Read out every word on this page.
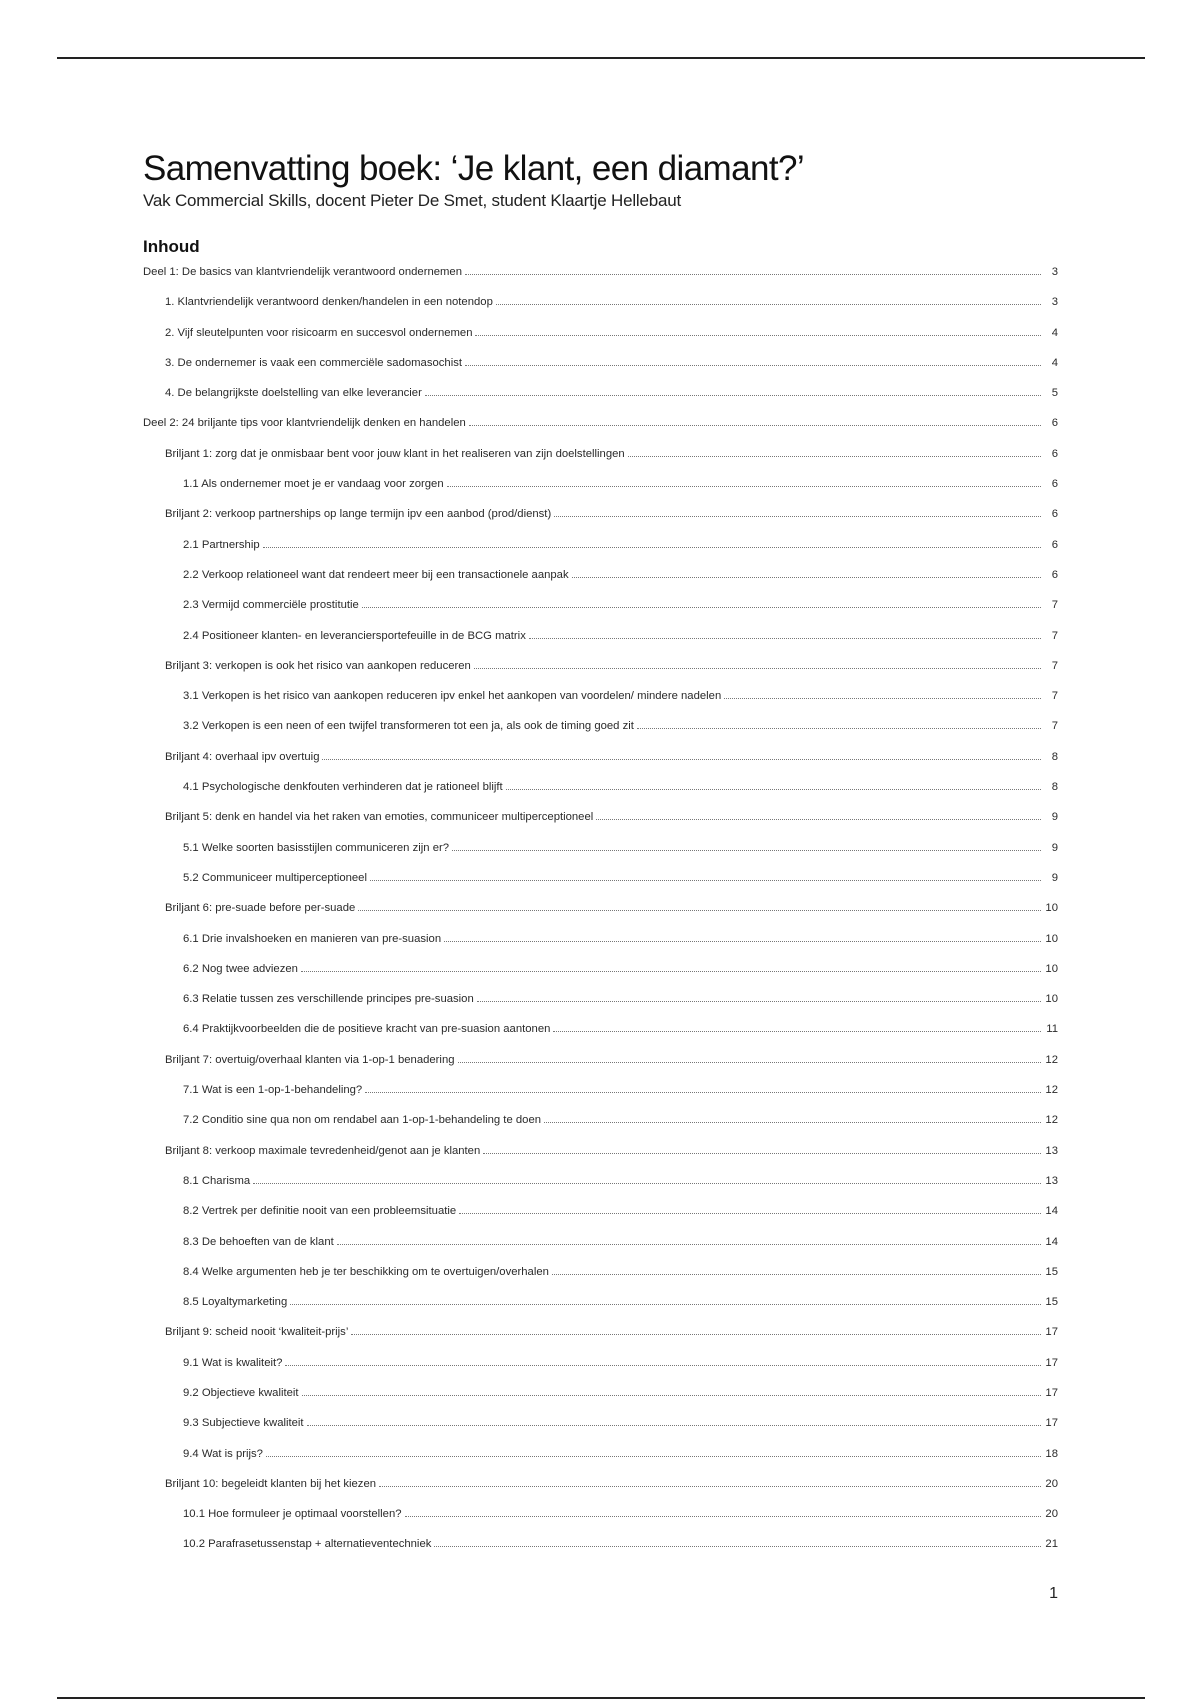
Samenvatting boek: ‘Je klant, een diamant?’

Vak Commercial Skills, docent Pieter De Smet, student Klaartje Hellebaut

Inhoud
Deel 1: De basics van klantvriendelijk verantwoord ondernemen	3
1. Klantvriendelijk verantwoord denken/handelen in een notendop	3
2. Vijf sleutelpunten voor risicoarm en succesvol ondernemen	4
3. De ondernemer is vaak een commerciële sadomasochist	4
4. De belangrijkste doelstelling van elke leverancier	5
Deel 2: 24 briljante tips voor klantvriendelijk denken en handelen	6
Briljant 1: zorg dat je onmisbaar bent voor jouw klant in het realiseren van zijn doelstellingen	6
1.1 Als ondernemer moet je er vandaag voor zorgen	6
Briljant 2: verkoop partnerships op lange termijn ipv een aanbod (prod/dienst)	6
2.1 Partnership	6
2.2 Verkoop relationeel want dat rendeert meer bij een transactionele aanpak	6
2.3 Vermijd commerciële prostitutie	7
2.4 Positioneer klanten- en leveranciersportefeuille in de BCG matrix	7
Briljant 3: verkopen is ook het risico van aankopen reduceren	7
3.1 Verkopen is het risico van aankopen reduceren ipv enkel het aankopen van voordelen/ mindere nadelen	7
3.2 Verkopen is een neen of een twijfel transformeren tot een ja, als ook de timing goed zit	7
Briljant 4: overhaal ipv overtuig	8
4.1 Psychologische denkfouten verhinderen dat je rationeel blijft	8
Briljant 5: denk en handel via het raken van emoties, communiceer multiperceptioneel	9
5.1 Welke soorten basisstijlen communiceren zijn er?	9
5.2 Communiceer multiperceptioneel	9
Briljant 6: pre-suade before per-suade	10
6.1 Drie invalshoeken en manieren van pre-suasion	10
6.2 Nog twee adviezen	10
6.3 Relatie tussen zes verschillende principes pre-suasion	10
6.4 Praktijkvoorbeelden die de positieve kracht van pre-suasion aantonen	11
Briljant 7: overtuig/overhaal klanten via 1-op-1 benadering	12
7.1 Wat is een 1-op-1-behandeling?	12
7.2 Conditio sine qua non om rendabel aan 1-op-1-behandeling te doen	12
Briljant 8: verkoop maximale tevredenheid/genot aan je klanten	13
8.1 Charisma	13
8.2 Vertrek per definitie nooit van een probleemsituatie	14
8.3 De behoeften van de klant	14
8.4 Welke argumenten heb je ter beschikking om te overtuigen/overhalen	15
8.5 Loyaltymarketing	15
Briljant 9: scheid nooit ‘kwaliteit-prijs’	17
9.1 Wat is kwaliteit?	17
9.2 Objectieve kwaliteit	17
9.3 Subjectieve kwaliteit	17
9.4 Wat is prijs?	18
Briljant 10: begeleidt klanten bij het kiezen	20
10.1 Hoe formuleer je optimaal voorstellen?	20
10.2 Parafrasetussenstap + alternatieventechniek	21
1
